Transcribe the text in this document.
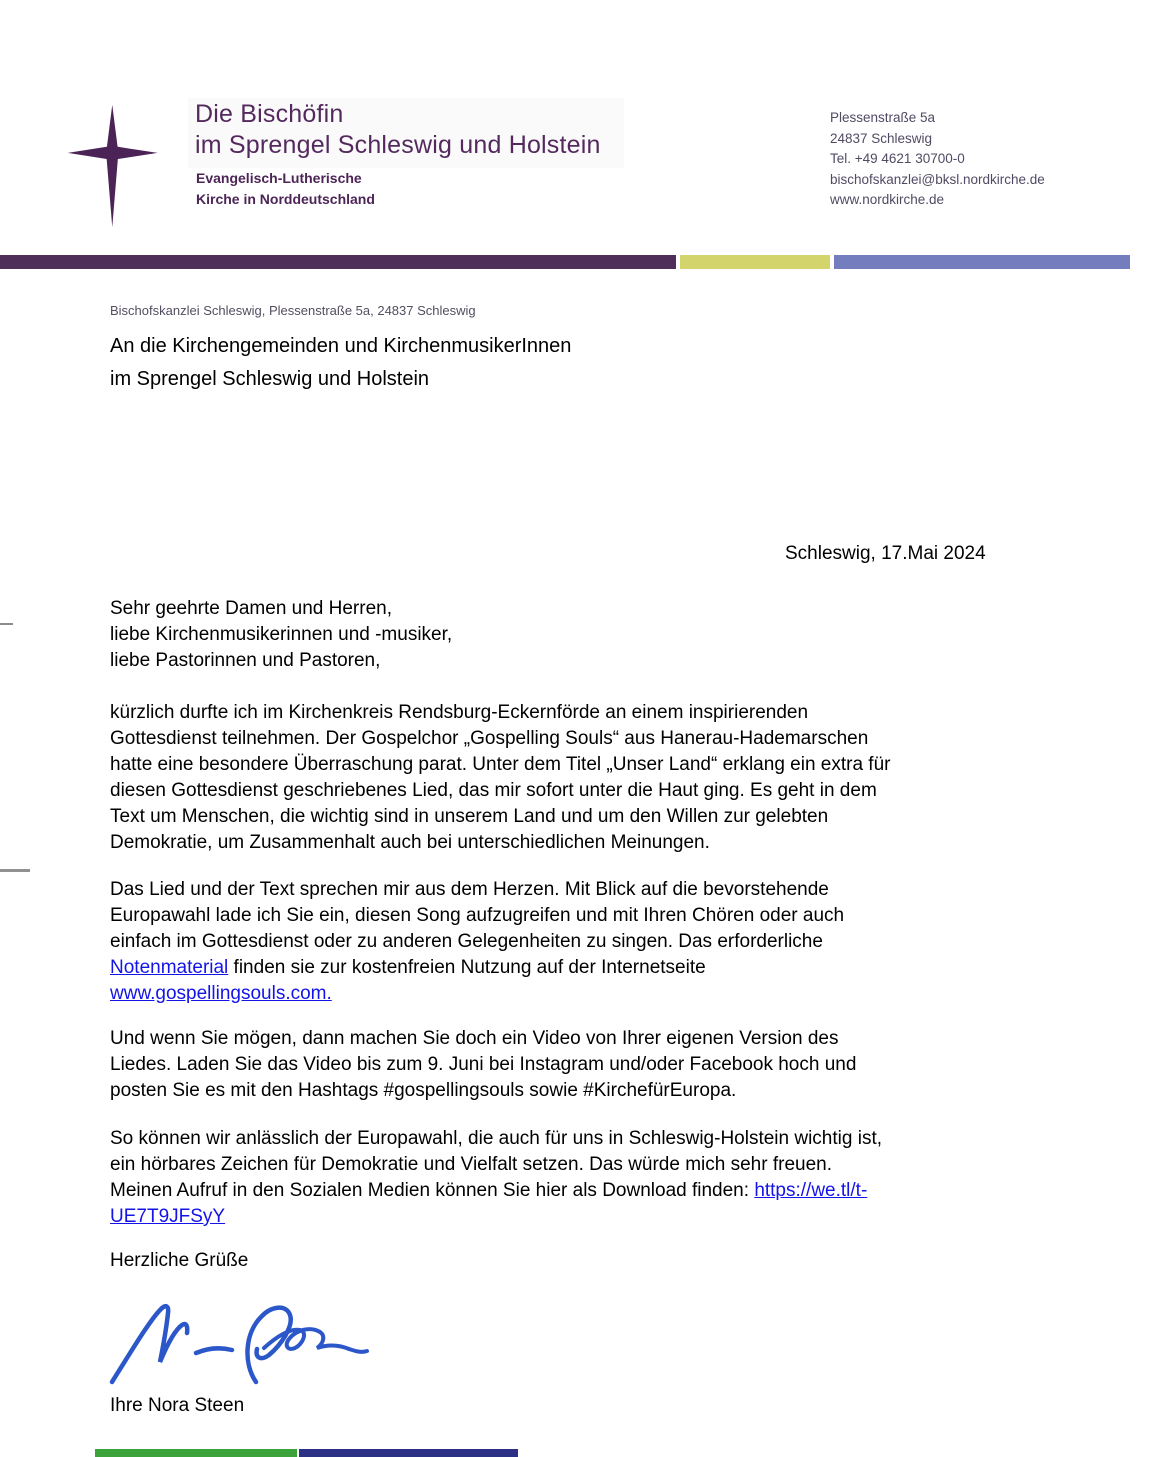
Die Bischöfin
im Sprengel Schleswig und Holstein
Evangelisch-Lutherische
Kirche in Norddeutschland
Plessenstraße 5a
24837 Schleswig
Tel. +49 4621 30700-0
bischofskanzlei@bksl.nordkirche.de
www.nordkirche.de
Bischofskanzlei Schleswig, Plessenstraße 5a, 24837 Schleswig
An die Kirchengemeinden und KirchenmusikerInnen
im Sprengel Schleswig und Holstein
Schleswig, 17.Mai 2024
Sehr geehrte Damen und Herren,
liebe Kirchenmusikerinnen und -musiker,
liebe Pastorinnen und Pastoren,
kürzlich durfte ich im Kirchenkreis Rendsburg-Eckernförde an einem inspirierenden
Gottesdienst teilnehmen. Der Gospelchor „Gospelling Souls“ aus Hanerau-Hademarschen
hatte eine besondere Überraschung parat. Unter dem Titel „Unser Land“ erklang ein extra für
diesen Gottesdienst geschriebenes Lied, das mir sofort unter die Haut ging. Es geht in dem
Text um Menschen, die wichtig sind in unserem Land und um den Willen zur gelebten
Demokratie, um Zusammenhalt auch bei unterschiedlichen Meinungen.
Das Lied und der Text sprechen mir aus dem Herzen. Mit Blick auf die bevorstehende
Europawahl lade ich Sie ein, diesen Song aufzugreifen und mit Ihren Chören oder auch
einfach im Gottesdienst oder zu anderen Gelegenheiten zu singen. Das erforderliche
Notenmaterial finden sie zur kostenfreien Nutzung auf der Internetseite
www.gospellingsouls.com.
Und wenn Sie mögen, dann machen Sie doch ein Video von Ihrer eigenen Version des
Liedes. Laden Sie das Video bis zum 9. Juni bei Instagram und/oder Facebook hoch und
posten Sie es mit den Hashtags #gospellingsouls sowie #KirchefürEuropa.
So können wir anlässlich der Europawahl, die auch für uns in Schleswig-Holstein wichtig ist,
ein hörbares Zeichen für Demokratie und Vielfalt setzen. Das würde mich sehr freuen.
Meinen Aufruf in den Sozialen Medien können Sie hier als Download finden: https://we.tl/t-
UE7T9JFSyY
Herzliche Grüße
Ihre Nora Steen
